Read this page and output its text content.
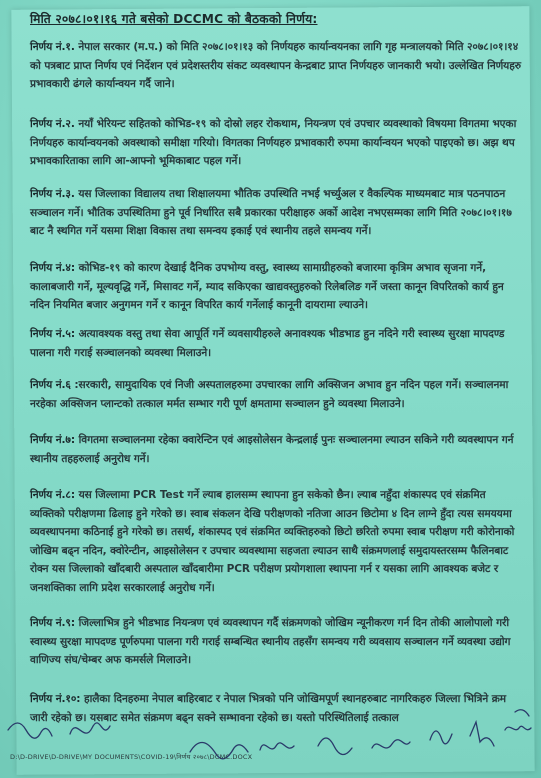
मिति २०७८।०१।१६ गते बसेको DCCMC को बैठकको निर्णय:
निर्णय नं.१. नेपाल सरकार (म.प.) को मिति २०७८।०१।१३ को निर्णयहरु कार्यान्वयनका लागि गृह मन्त्रालयको मिति २०७८।०१।१४ को पत्रबाट प्राप्त निर्णय एवं निर्देशन एवं प्रदेशस्तरीय संकट व्यवस्थापन केन्द्रबाट प्राप्त निर्णयहरु जानकारी भयो। उल्लेखित निर्णयहरु प्रभावकारी ढंगले कार्यान्वयन गर्दै जाने।
निर्णय नं.२. नयाँ भेरियन्ट सहितको कोभिड-१९ को दोस्रो लहर रोकथाम, नियन्त्रण एवं उपचार व्यवस्थाको विषयमा विगतमा भएका निर्णयहरु कार्यान्वयनको अवस्थाको समीक्षा गरियो। विगतका निर्णयहरु प्रभावकारी रुपमा कार्यान्वयन भएको पाइएको छ। अझ थप प्रभावकारिताका लागि आ-आफ्नो भूमिकाबाट पहल गर्ने।
निर्णय नं.३. यस जिल्लाका विद्यालय तथा शिक्षालयमा भौतिक उपस्थिति नभई भर्च्युअल र वैकल्पिक माध्यमबाट मात्र पठनपाठन सञ्चालन गर्ने। भौतिक उपस्थितिमा हुने पूर्व निर्धारित सबै प्रकारका परीक्षाहरु अर्को आदेश नभएसम्मका लागि मिति २०७८।०१।१७ बाट नै स्थगित गर्ने यसमा शिक्षा विकास तथा समन्वय इकाई एवं स्थानीय तहले समन्वय गर्ने।
निर्णय नं.४: कोभिड-१९ को कारण देखाई दैनिक उपभोग्य वस्तु, स्वास्थ्य सामाग्रीहरुको बजारमा कृत्रिम अभाव सृजना गर्ने, कालाबजारी गर्ने, मूल्यवृद्धि गर्ने, मिसावट गर्ने, म्याद सकिएका खाद्यवस्तुहरुको रिलेबलिङ गर्ने जस्ता कानून विपरितको कार्य हुन नदिन नियमित बजार अनुगमन गर्ने र कानून विपरित कार्य गर्नेलाई कानूनी दायरामा ल्याउने।
निर्णय नं.५: अत्यावश्यक वस्तु तथा सेवा आपूर्ति गर्ने व्यवसायीहरुले अनावश्यक भीडभाड हुन नदिने गरी स्वास्थ्य सुरक्षा मापदण्ड पालना गरी गराई सञ्चालनको व्यवस्था मिलाउने।
निर्णय नं.६ :सरकारी, सामुदायिक एवं निजी अस्पतालहरुमा उपचारका लागि अक्सिजन अभाव हुन नदिन पहल गर्ने। सञ्चालनमा नरहेका अक्सिजन प्लान्टको तत्काल मर्मत सम्भार गरी पूर्ण क्षमतामा सञ्चालन हुने व्यवस्था मिलाउने।
निर्णय नं.७: विगतमा सञ्चालनमा रहेका क्वारेन्टिन एवं आइसोलेसन केन्द्रलाई पुनः सञ्चालनमा ल्याउन सकिने गरी व्यवस्थापन गर्न स्थानीय तहहरुलाई अनुरोध गर्ने।
निर्णय नं.८: यस जिल्लामा PCR Test गर्ने ल्याब हालसम्म स्थापना हुन सकेको छैन। ल्याब नहुँदा शंकास्पद एवं संक्रमित व्यक्तिको परीक्षणमा ढिलाइ हुने गरेको छ। स्वाब संकलन देखि परीक्षणको नतिजा आउन छिटोमा ४ दिन लाग्ने हुँदा त्यस समययमा व्यवस्थापनमा कठिनाई हुने गरेको छ। तसर्थ, शंकास्पद एवं संक्रमित व्यक्तिहरुको छिटो छरितो रुपमा स्वाब परीक्षण गरी कोरोनाको जोखिम बढ्न नदिन, क्वोरेन्टीन, आइसोलेसन र उपचार व्यवस्थामा सहजता ल्याउन साथै संक्रमणलाई समुदायस्तरसम्म फैलिनबाट रोक्न यस जिल्लाको खाँदबारी अस्पताल खाँदबारीमा PCR परीक्षण प्रयोगशाला स्थापना गर्न र यसका लागि आवश्यक बजेट र जनशक्तिका लागि प्रदेश सरकारलाई अनुरोध गर्ने।
निर्णय नं.९: जिल्लाभित्र हुने भीडभाड नियन्त्रण एवं व्यवस्थापन गर्दै संक्रमणको जोखिम न्यूनीकरण गर्न दिन तोकी आलोपालो गरी स्वास्थ्य सुरक्षा मापदण्ड पूर्णरुपमा पालना गरी गराई सम्बन्धित स्थानीय तहसँग समन्वय गरी व्यवसाय सञ्चालन गर्ने व्यवस्था उद्योग वाणिज्य संघ/चेम्बर अफ कमर्सले मिलाउने।
निर्णय नं.१०: हालैका दिनहरुमा नेपाल बाहिरबाट र नेपाल भित्रको पनि जोखिमपूर्ण स्थानहरुबाट नागरिकहरु जिल्ला भित्रिने क्रम जारी रहेको छ। यसबाट समेत संक्रमण बढ्न सक्ने सम्भावना रहेको छ। यस्तो परिस्थितिलाई तत्काल
D:\D-DRIVE\D-DRIVE\MY DOCUMENTS\COVID-19\निर्णय २०७८\DCMC.DOCX
